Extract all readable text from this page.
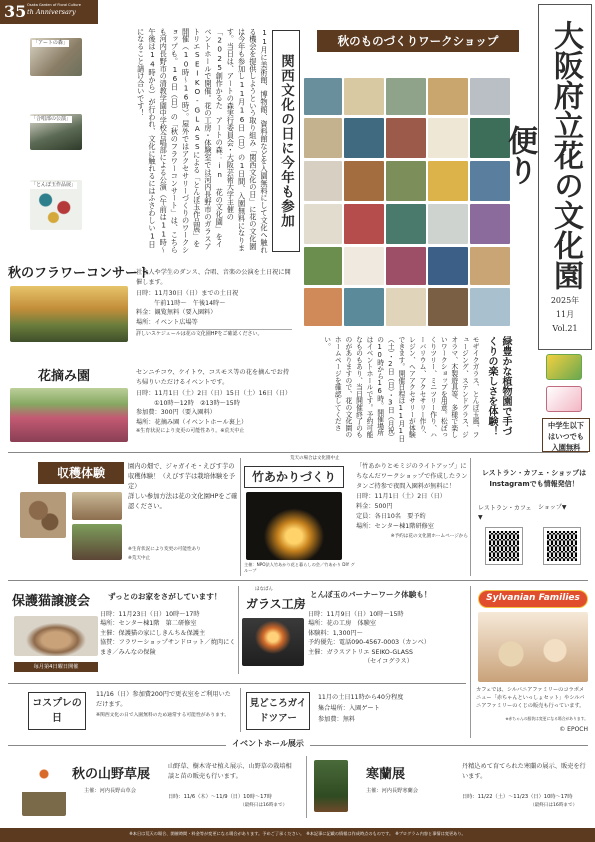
35 Osaka Garden of Floral Culture
th Anniversary
「アートの森」
「合唱部の公演」
「とんぼ玉作品展」	11月に美術館、博物館、資料館などを入園無料にして文化へ触れる機会を提供しようという取り組み「関西文化の日」に花の文化園は今年も参加し11月16日（日）の1日間、入園無料になります。当日は、アートの森実行委員会・大阪芸術大学主催の「2025創作かるた　アートの森：in 花の文化園」をイベントホールで開催。花の工房・体験室では河内長野市のガラスアトリエSEIKO-GLASSによる「とんぼ玉作品展」を開催（10時〜16時）。屋外ではアクセサリーづくりのワークショップも。16日（日）の「秋のフラワーコンサート」は、こちらも河内長野市の清教学園中学校合唱部による公演（午前は11時〜午後は14時から）が行われ、文化に触れるにはふさわしい1日になること請け合いです！	関西文化の日に今年も参加
秋のものづくりワークショップ
緑豊かな植物園で手づくりの楽しさを体験！
モザイクガラス、とんぼ玉風、フュージング、ステンドグラス、ジオラマ、木製遊具等、多様で楽しいワークショップを用意。松ぼっくりツリー、ミニツリー作り、ハーバリウム、アクセサリー作り、レジン、ヘアアクセサリーが体験できます。開催日程は11月1日（土）・2日（日）・3日（月祝）の10時から16時。開催場所はイベントホールです。予約可能なものもあり、当日開催終了のものがありますので、花の文化園のホームページを確認してください。
大阪府立花の文化園便り
2025年
11月
Vol.21
中学生以下
はいつでも
入園無料
秋のフラワーコンサート
社会人や学生のダンス、合唱、音楽の公演を土日祝に開催します。
日時：11月30日（日）までの土日祝
午前11時〜　午後14時〜
料金：観覧無料（要入園料）
場所：イベント広場等
詳しいスケジュールは花の文化園HPをご確認ください。
花摘み園	センニチコウ、ケイトウ、コスモス等の花を摘んでお持ち帰りいただけるイベントです。
日時：11月1日（土）2日（日）15日（土）16日（日）
①10時〜12時　②13時〜15時
参加費：300円（要入園料）
場所：花摘み園（イベントホール裏上）
※生育状況により変更の可能性あり。※荒天中止
収穫体験	園内の畑で、ジャガイモ・えびす芋の収穫体験！（えびす芋は栽培体験を予定）
詳しい参加方法は花の文化園HPをご確認ください。
※生育状況により変更の可能性あり
※荒天中止
荒天の場合は文化園中止
竹あかりづくり
主催：NPO法人竹あかり花と暮らしの会／竹あかり DIY グループ
「竹あかりとモミジのライトアップ」にちなんだワークショップで作成したランタンご持参で夜間入園料が無料に！
日時：11月1日（土）2日（日）
料金：500円
定員：各日10名　要予約
場所：センター棟1階研修室
※予約は花の文化園ホームページから
レストラン・カフェ・ショップはInstagramでも情報発信！
レストラン・カフェ▼
ショップ▼
保護猫譲渡会 ずっとのお家をさがしています！
毎月第4日曜日開催
日時：11月23日（日）10時〜17時
場所：センター棟1階　第二研修室
主催：保護猫の家にしきんち＆保護主
協賛：フラワーショップサンドロット／焼肉にくまき／みんなの保険
ほなばん
ガラス工房
とんぼ玉のバーナーワーク体験も！
日時：11月9日（日）10時〜15時
場所：花の工房　体験室
体験料：1,300円〜
予約優先：電話090-4567-0003（カンベ）
主催：ガラスアトリエ SEIKO-GLASS
（セイコグラス）
Sylvanian Families
カフェでは、シルバニアファミリーのコラボメニュー「赤ちゃんといっしょセット」やシルバニアファミリーのくじの販売も行っています。
※赤ちゃんの服装は変更になる場合があります。
© EPOCH
コスプレの日
11/16（日）参加費200円で更衣室をご利用いただけます。
※関西文化の日で入園無料のため通常する可能性があります。
見どころガイドツアー
11月の土日11時から40分程度
集合場所：入園ゲート
参加費：無料
イベントホール展示
秋の山野草展
主催：河内長野山草会
山野草、樹木寄せ植え展示、山野草の栽培相談と苗の販売も行います。
日時：11/6（木）〜11/9（日）10時〜17時
（最終日は16時まで）
寒蘭展
主催：河内長野寒蘭会
丹精込めて育てられた寒蘭の展示、販売を行います。
日時：11/22（土）〜11/23（日）10時〜17時
（最終日は16時まで）
※本日は荒天の場合、開催時間・料金等が変更になる場合があります。予めご了承ください。　※本記事に記載の情報は作成時点のものです。　※プログラム内容と事情は変更あり。
